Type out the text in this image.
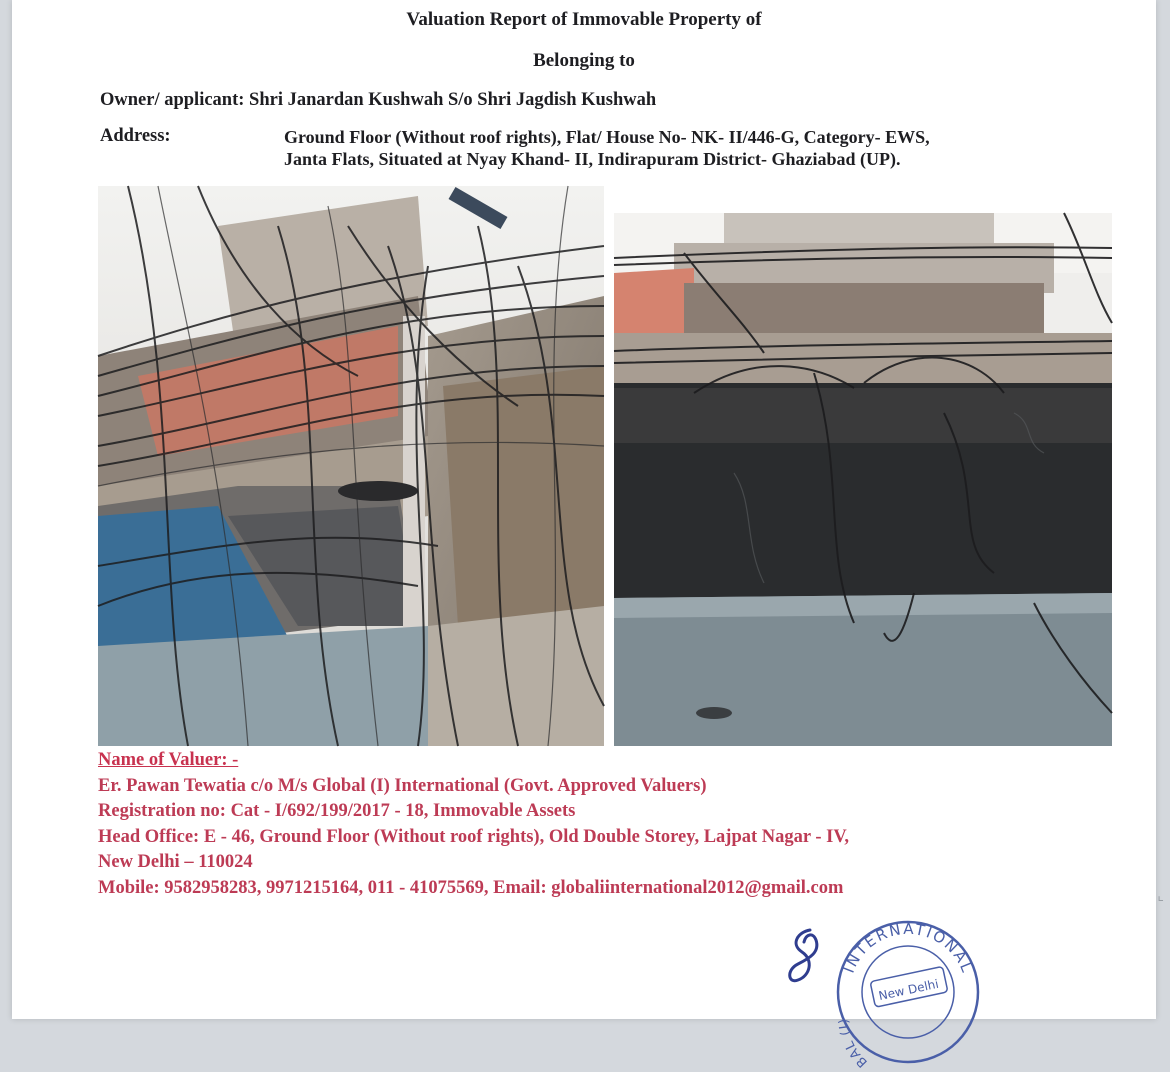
Valuation Report of Immovable Property of
Belonging to
Owner/ applicant: Shri Janardan Kushwah S/o Shri Jagdish Kushwah
Address:	Ground Floor (Without roof rights), Flat/ House No- NK- II/446-G, Category- EWS,
Janta Flats, Situated at Nyay Khand- II, Indirapuram District- Ghaziabad (UP).
Name of Valuer: -
Er. Pawan Tewatia c/o M/s Global (I) International (Govt. Approved Valuers)
Registration no: Cat - I/692/199/2017 - 18, Immovable Assets
Head Office: E - 46, Ground Floor (Without roof rights), Old Double Storey, Lajpat Nagar - IV,
New Delhi – 110024
Mobile: 9582958283, 9971215164, 011 - 41075569, Email: globaliinternational2012@gmail.com
INTERNATIONAL
BAL (I)
New Delhi
⌞
